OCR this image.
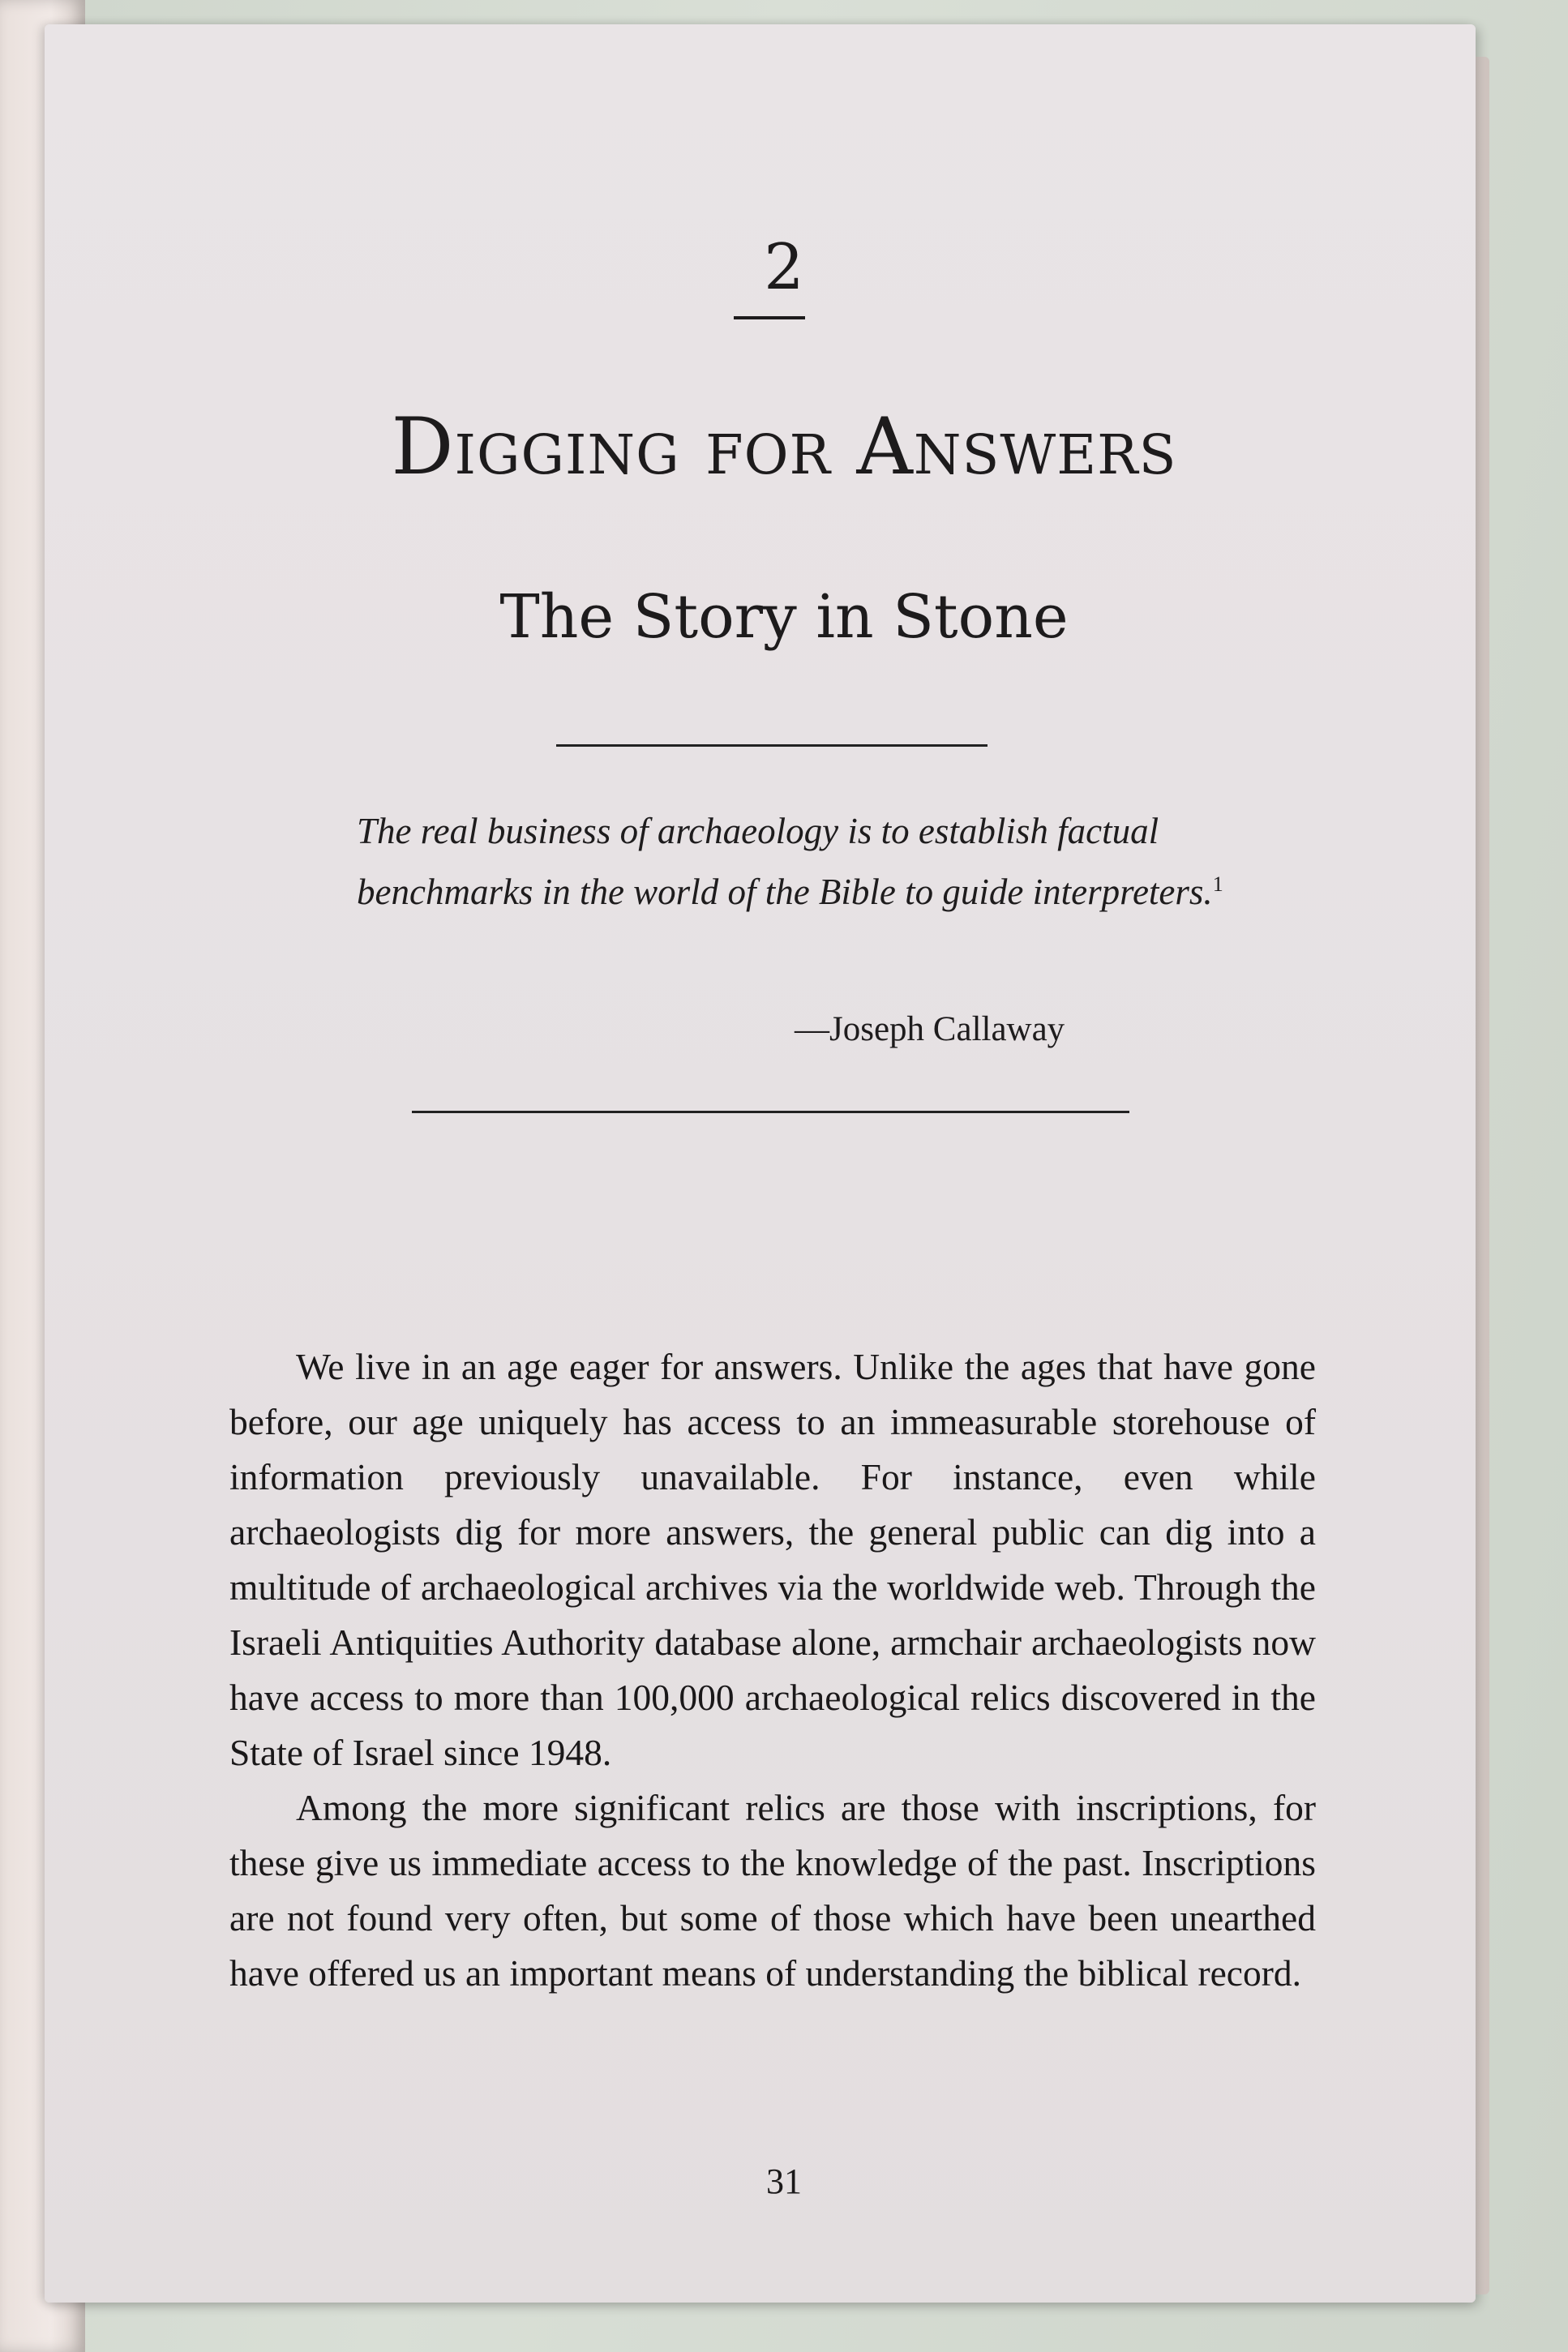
2
Digging for Answers
The Story in Stone
The real business of archaeology is to establish factual benchmarks in the world of the Bible to guide interpreters.$^1$
—Joseph Callaway

We live in an age eager for answers. Unlike the ages that have gone before, our age uniquely has access to an immeasurable storehouse of information previously unavailable. For instance, even while archaeologists dig for more answers, the general public can dig into a multitude of archaeological archives via the worldwide web. Through the Israeli Antiquities Authority database alone, armchair archaeologists now have access to more than 100,000 archaeological relics discovered in the State of Israel since 1948.

Among the more significant relics are those with inscriptions, for these give us immediate access to the knowledge of the past. Inscriptions are not found very often, but some of those which have been unearthed have offered us an important means of understanding the biblical record.

31
